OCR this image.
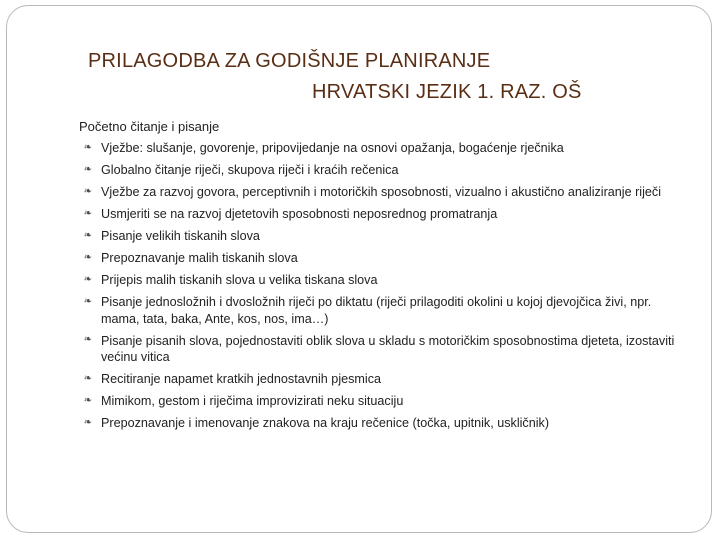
PRILAGODBA ZA GODIŠNJE PLANIRANJE
HRVATSKI JEZIK 1. RAZ. OŠ
Početno čitanje i pisanje
❧ Vježbe: slušanje, govorenje, pripovijedanje na osnovi opažanja, bogaćenje rječnika
❧ Globalno čitanje riječi, skupova riječi i kraćih rečenica
❧ Vježbe za razvoj govora, perceptivnih i motoričkih sposobnosti, vizualno i akustično analiziranje riječi
❧ Usmjeriti se na razvoj djetetovih sposobnosti neposrednog promatranja
❧ Pisanje velikih tiskanih slova
❧ Prepoznavanje malih tiskanih slova
❧ Prijepis malih tiskanih slova u velika tiskana slova
❧ Pisanje jednosložnih i dvosložnih riječi po diktatu (riječi prilagoditi okolini u kojoj djevojčica živi, npr. mama, tata, baka, Ante, kos, nos, ima…)
❧ Pisanje pisanih slova, pojednostaviti oblik slova u skladu s motoričkim sposobnostima djeteta, izostaviti većinu vitica
❧ Recitiranje napamet kratkih jednostavnih pjesmica
❧ Mimikom, gestom i riječima improvizirati neku situaciju
❧ Prepoznavanje i imenovanje znakova na kraju rečenice (točka, upitnik, uskličnik)
